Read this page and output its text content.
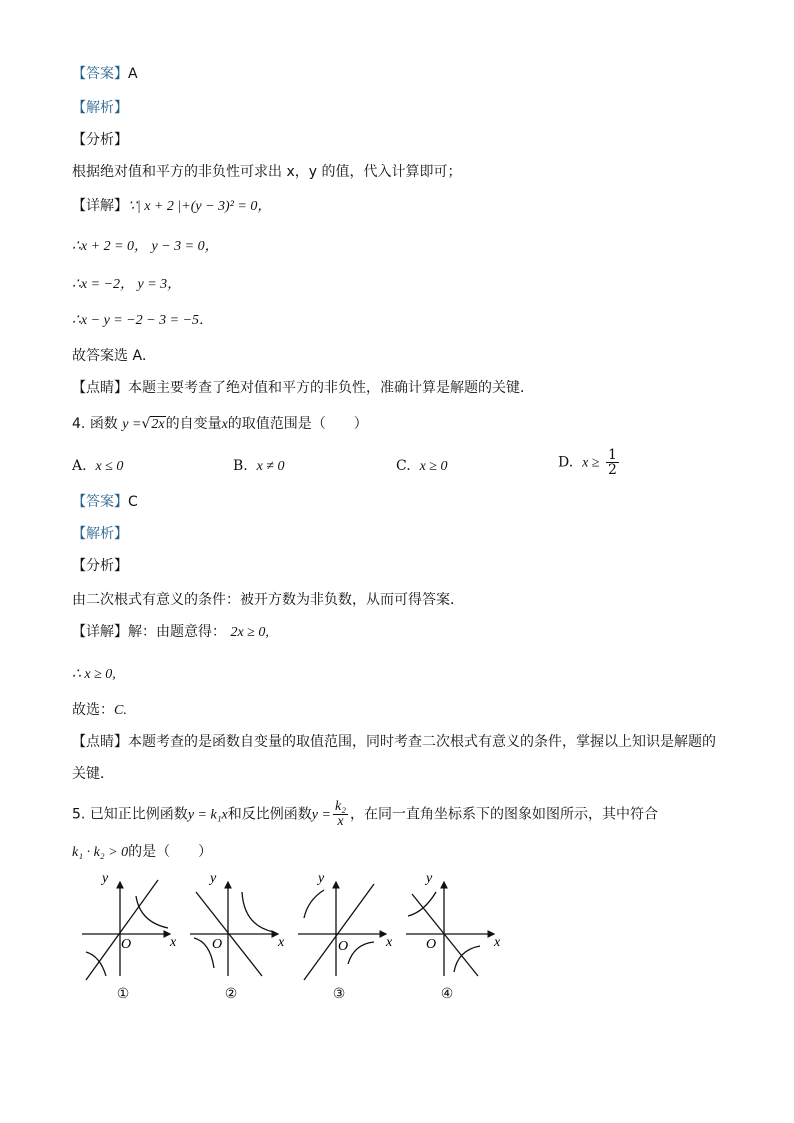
【答案】A
【解析】
【分析】
根据绝对值和平方的非负性可求出 x，y 的值，代入计算即可；
【详解】∵| x + 2 |+(y − 3)² = 0，
∴x + 2 = 0， y − 3 = 0，
∴x = −2， y = 3，
∴x − y = −2 − 3 = −5．
故答案选 A．
【点睛】本题主要考查了绝对值和平方的非负性，准确计算是解题的关键．
4. 函数 y =√2x的自变量x的取值范围是（　　）
A. x ≤ 0	B. x ≠ 0	C. x ≥ 0	D. $x \ge \frac{1}{2}$
【答案】C
【解析】
【分析】
由二次根式有意义的条件：被开方数为非负数，从而可得答案．
【详解】解：由题意得： 2x ≥ 0,
∴ x ≥ 0,
故选：C.
【点睛】本题考查的是函数自变量的取值范围，同时考查二次根式有意义的条件，掌握以上知识是解题的
关键．
5. 已知正比例函数y = k₁x和反比例函数$y = \frac{\text{k₂}}{x}$ ，在同一直角坐标系下的图象如图所示，其中符合
k₁ · k₂ > 0的是（　　）
y
x
O
①
y
x
O
②
y
x
O
③
y
x
O
④
